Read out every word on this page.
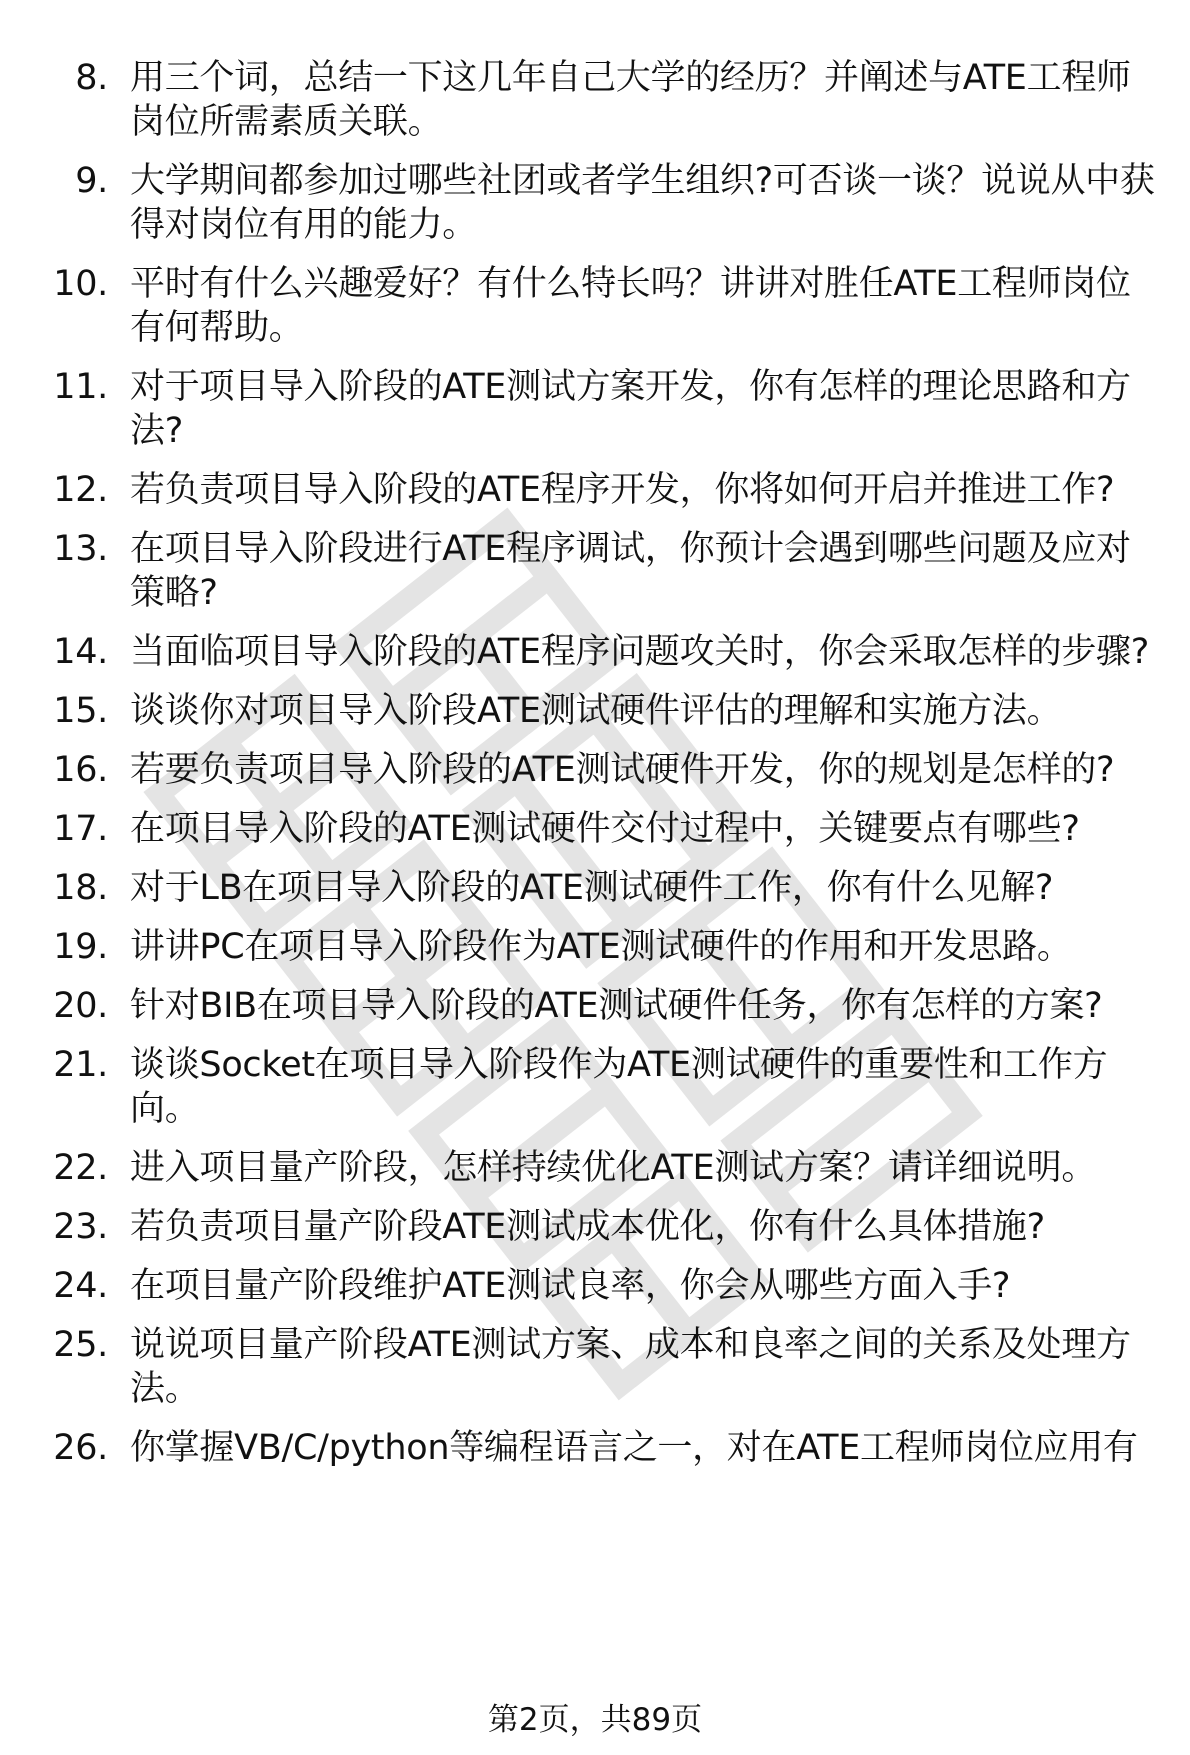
8. 用三个词，总结一下这几年自己大学的经历？并阐述与ATE工程师岗位所需素质关联。
9. 大学期间都参加过哪些社团或者学生组织?可否谈一谈？说说从中获得对岗位有用的能力。
10. 平时有什么兴趣爱好？有什么特长吗？讲讲对胜任ATE工程师岗位有何帮助。
11. 对于项目导入阶段的ATE测试方案开发，你有怎样的理论思路和方法?
12. 若负责项目导入阶段的ATE程序开发，你将如何开启并推进工作?
13. 在项目导入阶段进行ATE程序调试，你预计会遇到哪些问题及应对策略?
14. 当面临项目导入阶段的ATE程序问题攻关时，你会采取怎样的步骤?
15. 谈谈你对项目导入阶段ATE测试硬件评估的理解和实施方法。
16. 若要负责项目导入阶段的ATE测试硬件开发，你的规划是怎样的?
17. 在项目导入阶段的ATE测试硬件交付过程中，关键要点有哪些?
18. 对于LB在项目导入阶段的ATE测试硬件工作，你有什么见解?
19. 讲讲PC在项目导入阶段作为ATE测试硬件的作用和开发思路。
20. 针对BIB在项目导入阶段的ATE测试硬件任务，你有怎样的方案?
21. 谈谈Socket在项目导入阶段作为ATE测试硬件的重要性和工作方向。
22. 进入项目量产阶段，怎样持续优化ATE测试方案？请详细说明。
23. 若负责项目量产阶段ATE测试成本优化，你有什么具体措施?
24. 在项目量产阶段维护ATE测试良率，你会从哪些方面入手?
25. 说说项目量产阶段ATE测试方案、成本和良率之间的关系及处理方法。
26. 你掌握VB/C/python等编程语言之一，对在ATE工程师岗位应用有
第2页，共89页
